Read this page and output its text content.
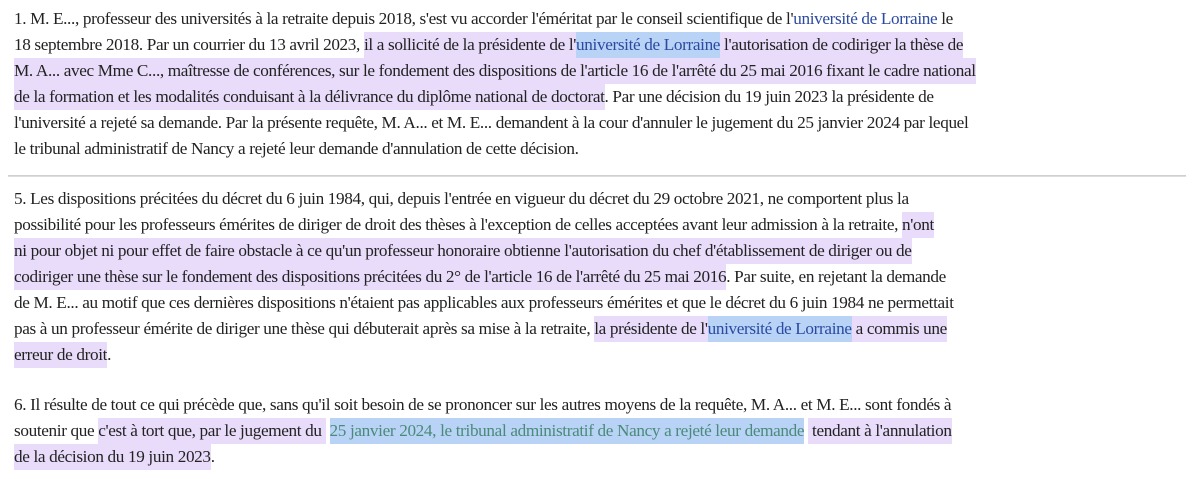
1. M. E..., professeur des universités à la retraite depuis 2018, s'est vu accorder l'éméritat par le conseil scientifique de l'université de Lorraine le
18 septembre 2018. Par un courrier du 13 avril 2023, il a sollicité de la présidente de l'université de Lorraine l'autorisation de codiriger la thèse de
M. A... avec Mme C..., maîtresse de conférences, sur le fondement des dispositions de l'article 16 de l'arrêté du 25 mai 2016 fixant le cadre national
de la formation et les modalités conduisant à la délivrance du diplôme national de doctorat. Par une décision du 19 juin 2023 la présidente de
l'université a rejeté sa demande. Par la présente requête, M. A... et M. E... demandent à la cour d'annuler le jugement du 25 janvier 2024 par lequel
le tribunal administratif de Nancy a rejeté leur demande d'annulation de cette décision.
5. Les dispositions précitées du décret du 6 juin 1984, qui, depuis l'entrée en vigueur du décret du 29 octobre 2021, ne comportent plus la
possibilité pour les professeurs émérites de diriger de droit des thèses à l'exception de celles acceptées avant leur admission à la retraite, n'ont
ni pour objet ni pour effet de faire obstacle à ce qu'un professeur honoraire obtienne l'autorisation du chef d'établissement de diriger ou de
codiriger une thèse sur le fondement des dispositions précitées du 2° de l'article 16 de l'arrêté du 25 mai 2016. Par suite, en rejetant la demande
de M. E... au motif que ces dernières dispositions n'étaient pas applicables aux professeurs émérites et que le décret du 6 juin 1984 ne permettait
pas à un professeur émérite de diriger une thèse qui débuterait après sa mise à la retraite, la présidente de l'université de Lorraine a commis une
erreur de droit.
6. Il résulte de tout ce qui précède que, sans qu'il soit besoin de se prononcer sur les autres moyens de la requête, M. A... et M. E... sont fondés à
soutenir que c'est à tort que, par le jugement du  25 janvier 2024, le tribunal administratif de Nancy a rejeté leur demande  tendant à l'annulation
de la décision du 19 juin 2023.
